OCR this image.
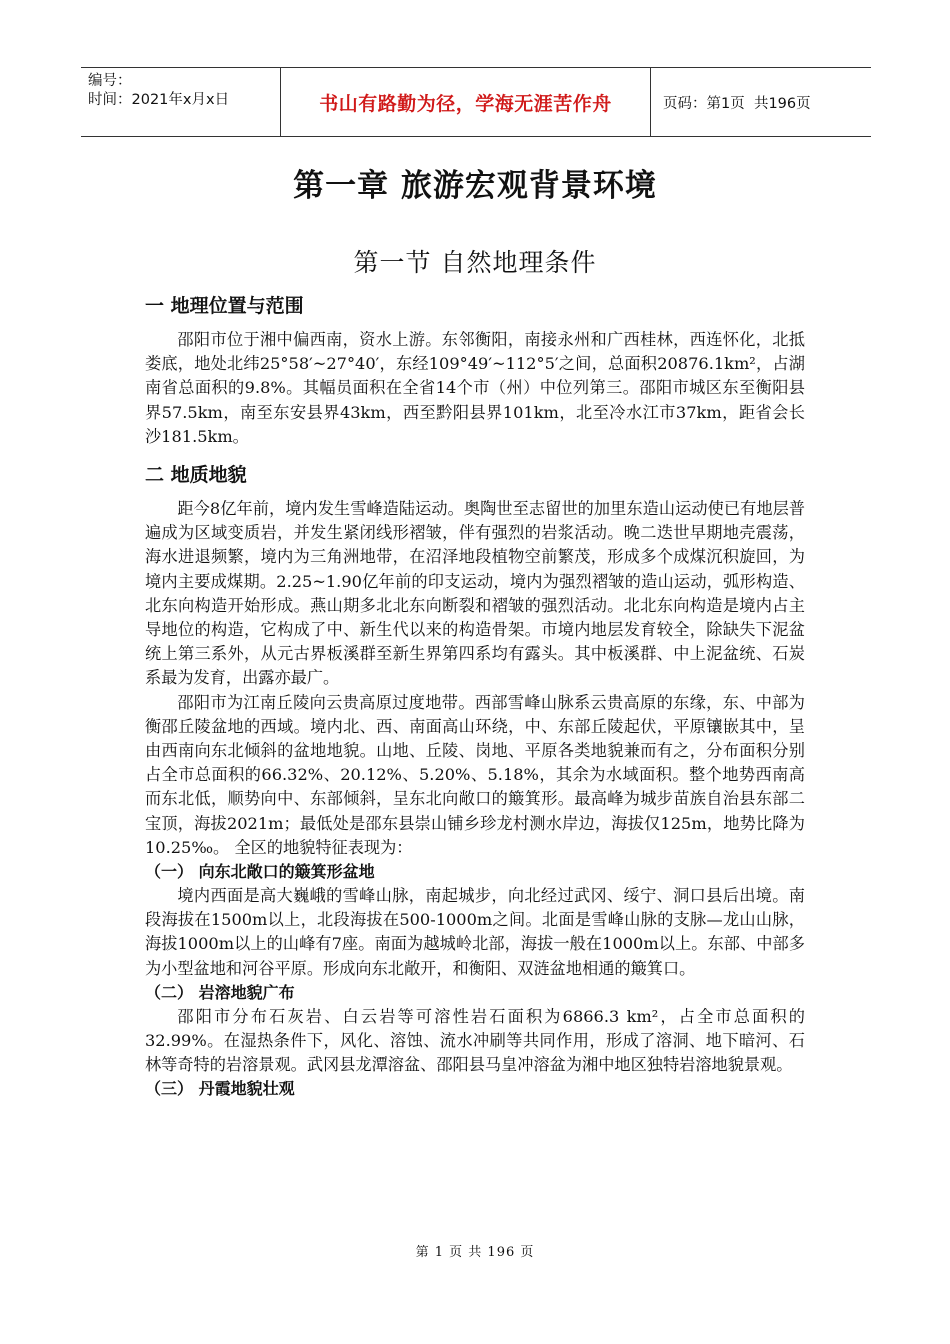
编号：
时间：2021年x月x日	书山有路勤为径，学海无涯苦作舟	页码：第1页  共196页
第一章 旅游宏观背景环境
第一节 自然地理条件

一 地理位置与范围

邵阳市位于湘中偏西南，资水上游。东邻衡阳，南接永州和广西桂林，西连怀化，北抵娄底，地处北纬25°58′~27°40′，东经109°49′~112°5′之间，总面积20876.1km²，占湖南省总面积的9.8%。其幅员面积在全省14个市（州）中位列第三。邵阳市城区东至衡阳县界57.5km，南至东安县界43km，西至黔阳县界101km，北至冷水江市37km，距省会长沙181.5km。

二 地质地貌

距今8亿年前，境内发生雪峰造陆运动。奥陶世至志留世的加里东造山运动使已有地层普遍成为区域变质岩，并发生紧闭线形褶皱，伴有强烈的岩浆活动。晚二迭世早期地壳震荡，海水进退频繁，境内为三角洲地带，在沼泽地段植物空前繁茂，形成多个成煤沉积旋回，为境内主要成煤期。2.25~1.90亿年前的印支运动，境内为强烈褶皱的造山运动，弧形构造、北东向构造开始形成。燕山期多北北东向断裂和褶皱的强烈活动。北北东向构造是境内占主导地位的构造，它构成了中、新生代以来的构造骨架。市境内地层发育较全，除缺失下泥盆统上第三系外，从元古界板溪群至新生界第四系均有露头。其中板溪群、中上泥盆统、石炭系最为发育，出露亦最广。

邵阳市为江南丘陵向云贵高原过度地带。西部雪峰山脉系云贵高原的东缘，东、中部为衡邵丘陵盆地的西域。境内北、西、南面高山环绕，中、东部丘陵起伏，平原镶嵌其中，呈由西南向东北倾斜的盆地地貌。山地、丘陵、岗地、平原各类地貌兼而有之，分布面积分别占全市总面积的66.32%、20.12%、5.20%、5.18%，其余为水域面积。整个地势西南高而东北低，顺势向中、东部倾斜，呈东北向敞口的簸箕形。最高峰为城步苗族自治县东部二宝顶，海拔2021m；最低处是邵东县崇山铺乡珍龙村测水岸边，海拔仅125m，地势比降为10.25‰。 全区的地貌特征表现为：

（一） 向东北敞口的簸箕形盆地

境内西面是高大巍峨的雪峰山脉，南起城步，向北经过武冈、绥宁、洞口县后出境。南段海拔在1500m以上，北段海拔在500-1000m之间。北面是雪峰山脉的支脉—龙山山脉，海拔1000m以上的山峰有7座。南面为越城岭北部，海拔一般在1000m以上。东部、中部多为小型盆地和河谷平原。形成向东北敞开，和衡阳、双涟盆地相通的簸箕口。

（二） 岩溶地貌广布

邵阳市分布石灰岩、白云岩等可溶性岩石面积为6866.3 km²，占全市总面积的32.99%。在湿热条件下，风化、溶蚀、流水冲刷等共同作用，形成了溶洞、地下暗河、石林等奇特的岩溶景观。武冈县龙潭溶盆、邵阳县马皇冲溶盆为湘中地区独特岩溶地貌景观。

（三） 丹霞地貌壮观

第 1 页 共 196 页
